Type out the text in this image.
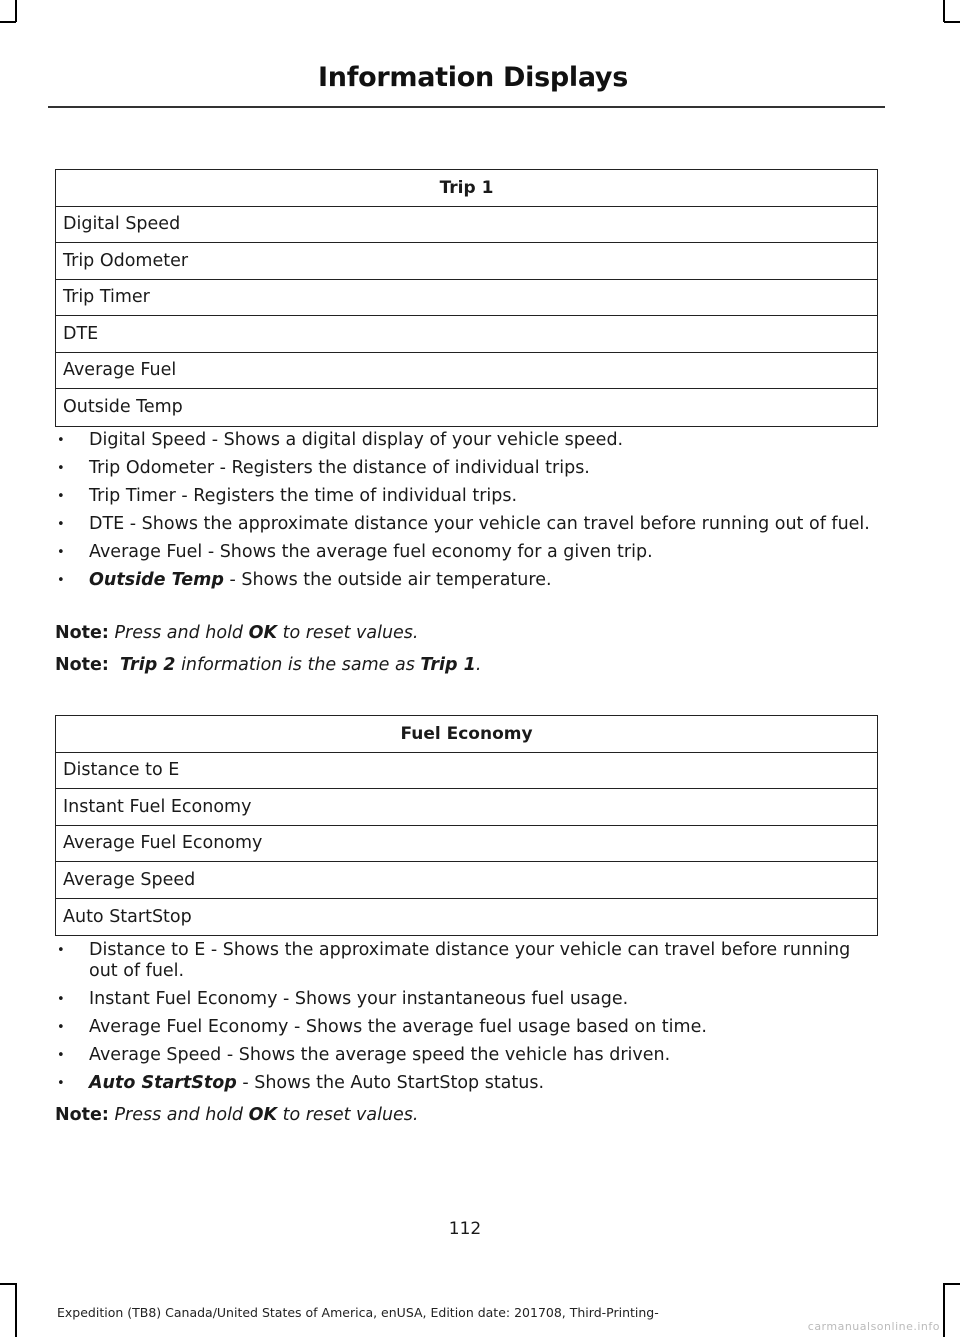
Information Displays
Trip 1
Digital Speed
Trip Odometer
Trip Timer
DTE
Average Fuel
Outside Temp
• Digital Speed - Shows a digital display of your vehicle speed.
• Trip Odometer - Registers the distance of individual trips.
• Trip Timer - Registers the time of individual trips.
• DTE - Shows the approximate distance your vehicle can travel before running out of fuel.
• Average Fuel - Shows the average fuel economy for a given trip.
• Outside Temp - Shows the outside air temperature.
Note: Press and hold OK to reset values.
Note: Trip 2 information is the same as Trip 1.
Fuel Economy
Distance to E
Instant Fuel Economy
Average Fuel Economy
Average Speed
Auto StartStop
• Distance to E - Shows the approximate distance your vehicle can travel before running out of fuel.
• Instant Fuel Economy - Shows your instantaneous fuel usage.
• Average Fuel Economy - Shows the average fuel usage based on time.
• Average Speed - Shows the average speed the vehicle has driven.
• Auto StartStop - Shows the Auto StartStop status.
Note: Press and hold OK to reset values.
112
Expedition (TB8) Canada/United States of America, enUSA, Edition date: 201708, Third-Printing-
carmanualsonline.info
